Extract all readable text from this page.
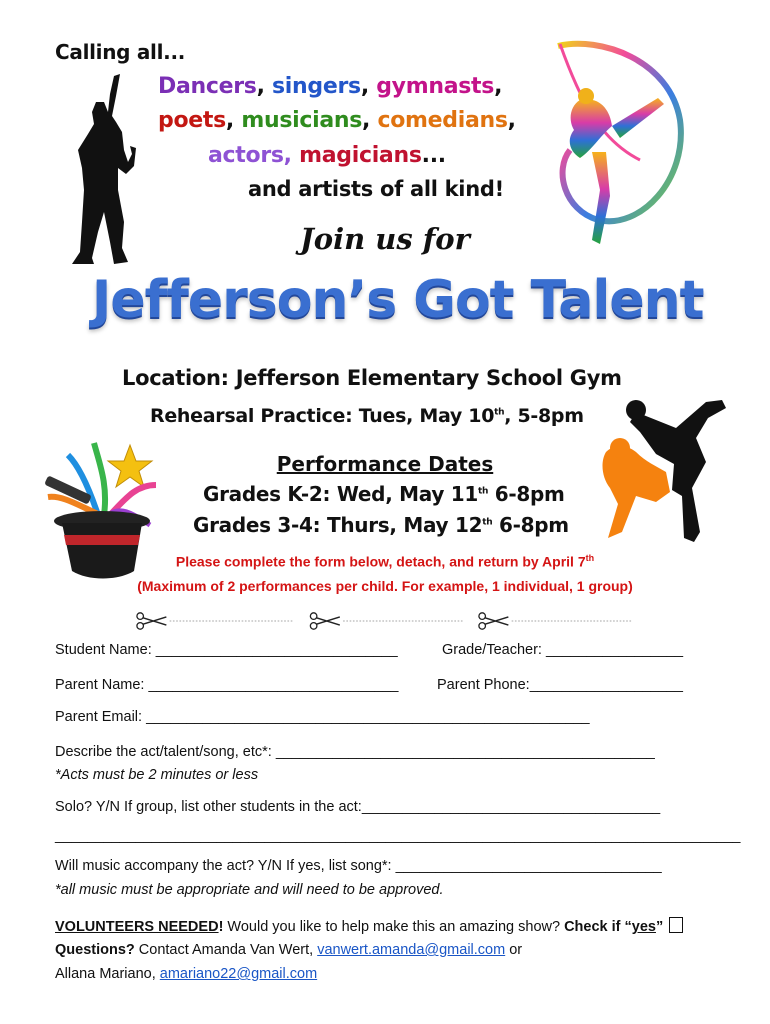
Calling all...
Dancers, singers, gymnasts,
poets, musicians, comedians,
actors, magicians...
and artists of all kind!
Join us for
Jefferson’s Got Talent
Location: Jefferson Elementary School Gym
Rehearsal Practice: Tues, May 10th, 5-8pm
Performance Dates
Grades K-2: Wed, May 11th 6-8pm
Grades 3-4: Thurs, May 12th 6-8pm
Please complete the form below, detach, and return by April 7th
(Maximum of 2 performances per child. For example, 1 individual, 1 group)
Student Name: ______________________________	Grade/Teacher: _________________
Parent Name: _______________________________	Parent Phone:___________________
Parent Email: _______________________________________________________
Describe the act/talent/song, etc*: _______________________________________________
*Acts must be 2 minutes or less
Solo? Y/N If group, list other students in the act:_____________________________________
_____________________________________________________________________________________
Will music accompany the act? Y/N If yes, list song*: _________________________________
*all music must be appropriate and will need to be approved.
VOLUNTEERS NEEDED! Would you like to help make this an amazing show? Check if “yes”
Questions? Contact Amanda Van Wert, vanwert.amanda@gmail.com or
Allana Mariano, amariano22@gmail.com
